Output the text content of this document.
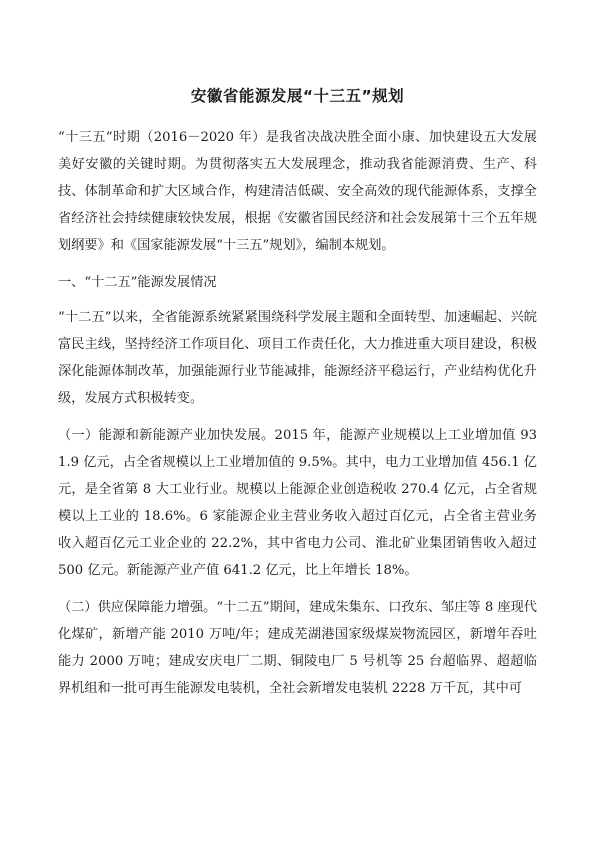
安徽省能源发展“十三五”规划

“十三五”时期（2016－2020 年）是我省决战决胜全面小康、加快建设五大发展美好安徽的关键时期。为贯彻落实五大发展理念，推动我省能源消费、生产、科技、体制革命和扩大区域合作，构建清洁低碳、安全高效的现代能源体系，支撑全省经济社会持续健康较快发展，根据《安徽省国民经济和社会发展第十三个五年规划纲要》和《国家能源发展“十三五”规划》，编制本规划。

一、“十二五”能源发展情况

“十二五”以来，全省能源系统紧紧围绕科学发展主题和全面转型、加速崛起、兴皖富民主线，坚持经济工作项目化、项目工作责任化，大力推进重大项目建设，积极深化能源体制改革，加强能源行业节能减排，能源经济平稳运行，产业结构优化升级，发展方式积极转变。

（一）能源和新能源产业加快发展。2015 年，能源产业规模以上工业增加值 931.9 亿元，占全省规模以上工业增加值的 9.5%。其中，电力工业增加值 456.1 亿元，是全省第 8 大工业行业。规模以上能源企业创造税收 270.4 亿元，占全省规模以上工业的 18.6%。6 家能源企业主营业务收入超过百亿元，占全省主营业务收入超百亿元工业企业的 22.2%，其中省电力公司、淮北矿业集团销售收入超过 500 亿元。新能源产业产值 641.2 亿元，比上年增长 18%。

（二）供应保障能力增强。“十二五”期间，建成朱集东、口孜东、邹庄等 8 座现代化煤矿，新增产能 2010 万吨/年；建成芜湖港国家级煤炭物流园区，新增年吞吐能力 2000 万吨；建成安庆电厂二期、铜陵电厂 5 号机等 25 台超临界、超超临界机组和一批可再生能源发电装机，全社会新增发电装机 2228 万千瓦，其中可
